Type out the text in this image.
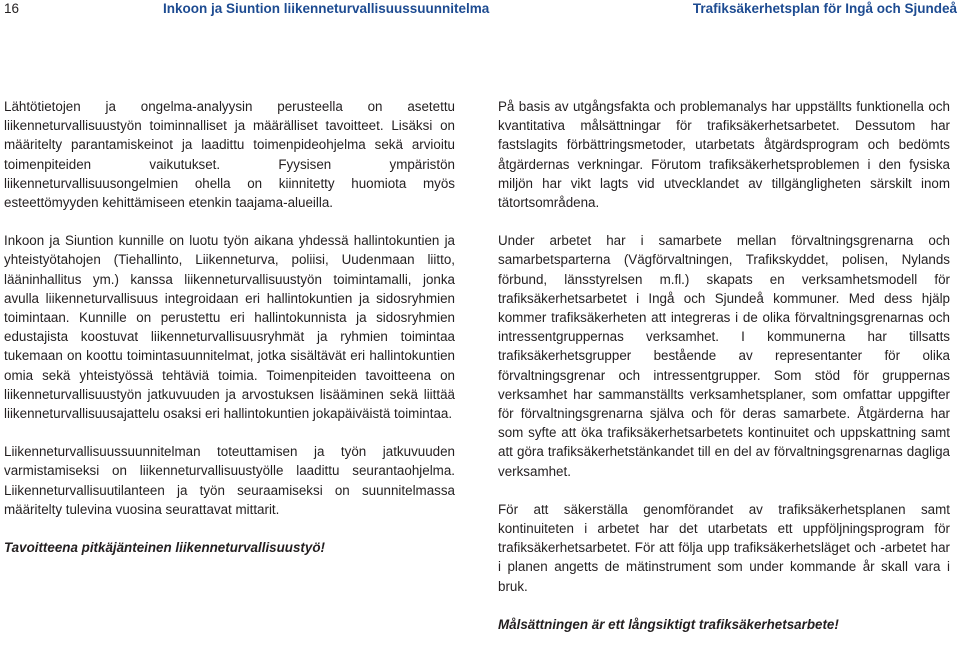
16	Inkoon ja Siuntion liikenneturvallisuussuunnitelma	Trafiksäkerhetsplan för Ingå och Sjundeå

Lähtötietojen ja ongelma-analyysin perusteella on asetettu liikenneturvallisuustyön toiminnalliset ja määrälliset tavoitteet. Lisäksi on määritelty parantamiskeinot ja laadittu toimenpideohjelma sekä arvioitu toimenpiteiden vaikutukset. Fyysisen ympäristön liikenneturvallisuusongelmien ohella on kiinnitetty huomiota myös esteettömyyden kehittämiseen etenkin taajama-alueilla.

Inkoon ja Siuntion kunnille on luotu työn aikana yhdessä hallintokuntien ja yhteistyötahojen (Tiehallinto, Liikenneturva, poliisi, Uudenmaan liitto, lääninhallitus ym.) kanssa liikenneturvallisuustyön toimintamalli, jonka avulla liikenneturvallisuus integroidaan eri hallintokuntien ja sidosryhmien toimintaan. Kunnille on perustettu eri hallintokunnista ja sidosryhmien edustajista koostuvat liikenneturvallisuusryhmät ja ryhmien toimintaa tukemaan on koottu toimintasuunnitelmat, jotka sisältävät eri hallintokuntien omia sekä yhteistyössä tehtäviä toimia. Toimenpiteiden tavoitteena on liikenneturvallisuustyön jatkuvuuden ja arvostuksen lisääminen sekä liittää liikenneturvallisuusajattelu osaksi eri hallintokuntien jokapäiväistä toimintaa.

Liikenneturvallisuussuunnitelman toteuttamisen ja työn jatkuvuuden varmistamiseksi on liikenneturvallisuustyölle laadittu seurantaohjelma. Liikenneturvallisuutilanteen ja työn seuraamiseksi on suunnitelmassa määritelty tulevina vuosina seurattavat mittarit.

Tavoitteena pitkäjänteinen liikenneturvallisuustyö!

På basis av utgångsfakta och problemanalys har uppställts funktionella och kvantitativa målsättningar för trafiksäkerhetsarbetet. Dessutom har fastslagits förbättringsmetoder, utarbetats åtgärdsprogram och bedömts åtgärdernas verkningar. Förutom trafiksäkerhetsproblemen i den fysiska miljön har vikt lagts vid utvecklandet av tillgängligheten särskilt inom tätortsområdena.

Under arbetet har i samarbete mellan förvaltningsgrenarna och samarbetsparterna (Vägförvaltningen, Trafikskyddet, polisen, Nylands förbund, länsstyrelsen m.fl.) skapats en verksamhetsmodell för trafiksäkerhetsarbetet i Ingå och Sjundeå kommuner. Med dess hjälp kommer trafiksäkerheten att integreras i de olika förvaltningsgrenarnas och intressentgruppernas verksamhet. I kommunerna har tillsatts trafiksäkerhetsgrupper bestående av representanter för olika förvaltningsgrenar och intressentgrupper. Som stöd för gruppernas verksamhet har sammanställts verksamhetsplaner, som omfattar uppgifter för förvaltningsgrenarna själva och för deras samarbete. Åtgärderna har som syfte att öka trafiksäkerhetsarbetets kontinuitet och uppskattning samt att göra trafiksäkerhetstänkandet till en del av förvaltningsgrenarnas dagliga verksamhet.

För att säkerställa genomförandet av trafiksäkerhetsplanen samt kontinuiteten i arbetet har det utarbetats ett uppföljningsprogram för trafiksäkerhetsarbetet. För att följa upp trafiksäkerhetsläget och -arbetet har i planen angetts de mätinstrument som under kommande år skall vara i bruk.

Målsättningen är ett långsiktigt trafiksäkerhetsarbete!
